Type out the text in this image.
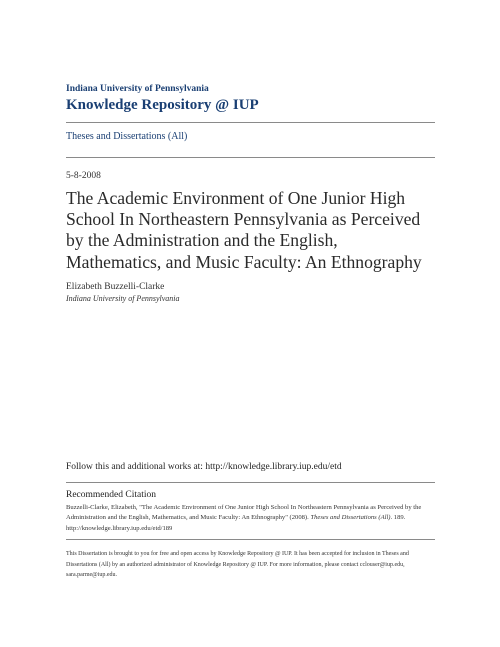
Indiana University of Pennsylvania
Knowledge Repository @ IUP
Theses and Dissertations (All)
5-8-2008
The Academic Environment of One Junior High
School In Northeastern Pennsylvania as Perceived
by the Administration and the English,
Mathematics, and Music Faculty: An Ethnography
Elizabeth Buzzelli-Clarke
Indiana University of Pennsylvania
Follow this and additional works at: http://knowledge.library.iup.edu/etd
Recommended Citation
Buzzelli-Clarke, Elizabeth, "The Academic Environment of One Junior High School In Northeastern Pennsylvania as Perceived by the
Administration and the English, Mathematics, and Music Faculty: An Ethnography" (2008). Theses and Dissertations (All). 189.
http://knowledge.library.iup.edu/etd/189
This Dissertation is brought to you for free and open access by Knowledge Repository @ IUP. It has been accepted for inclusion in Theses and
Dissertations (All) by an authorized administrator of Knowledge Repository @ IUP. For more information, please contact cclouser@iup.edu,
sara.parme@iup.edu.
